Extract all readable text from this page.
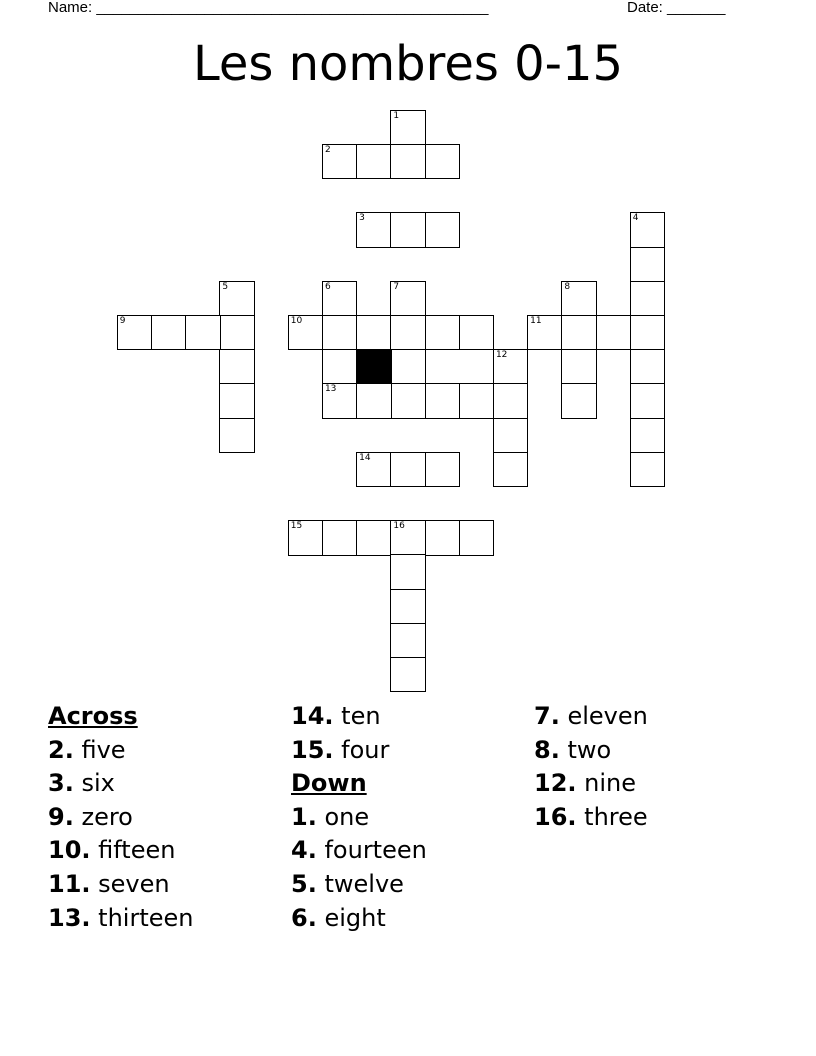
Name: _______________________________________________	Date: _______
Les nombres 0-15
1
2
3	4
5	6
13
7	8
9	10	11
12
14
15	16
Across
2. five
3. six
9. zero
10. fifteen
11. seven
13. thirteen
14. ten
15. four
Down
1. one
4. fourteen
5. twelve
6. eight
7. eleven
8. two
12. nine
16. three
